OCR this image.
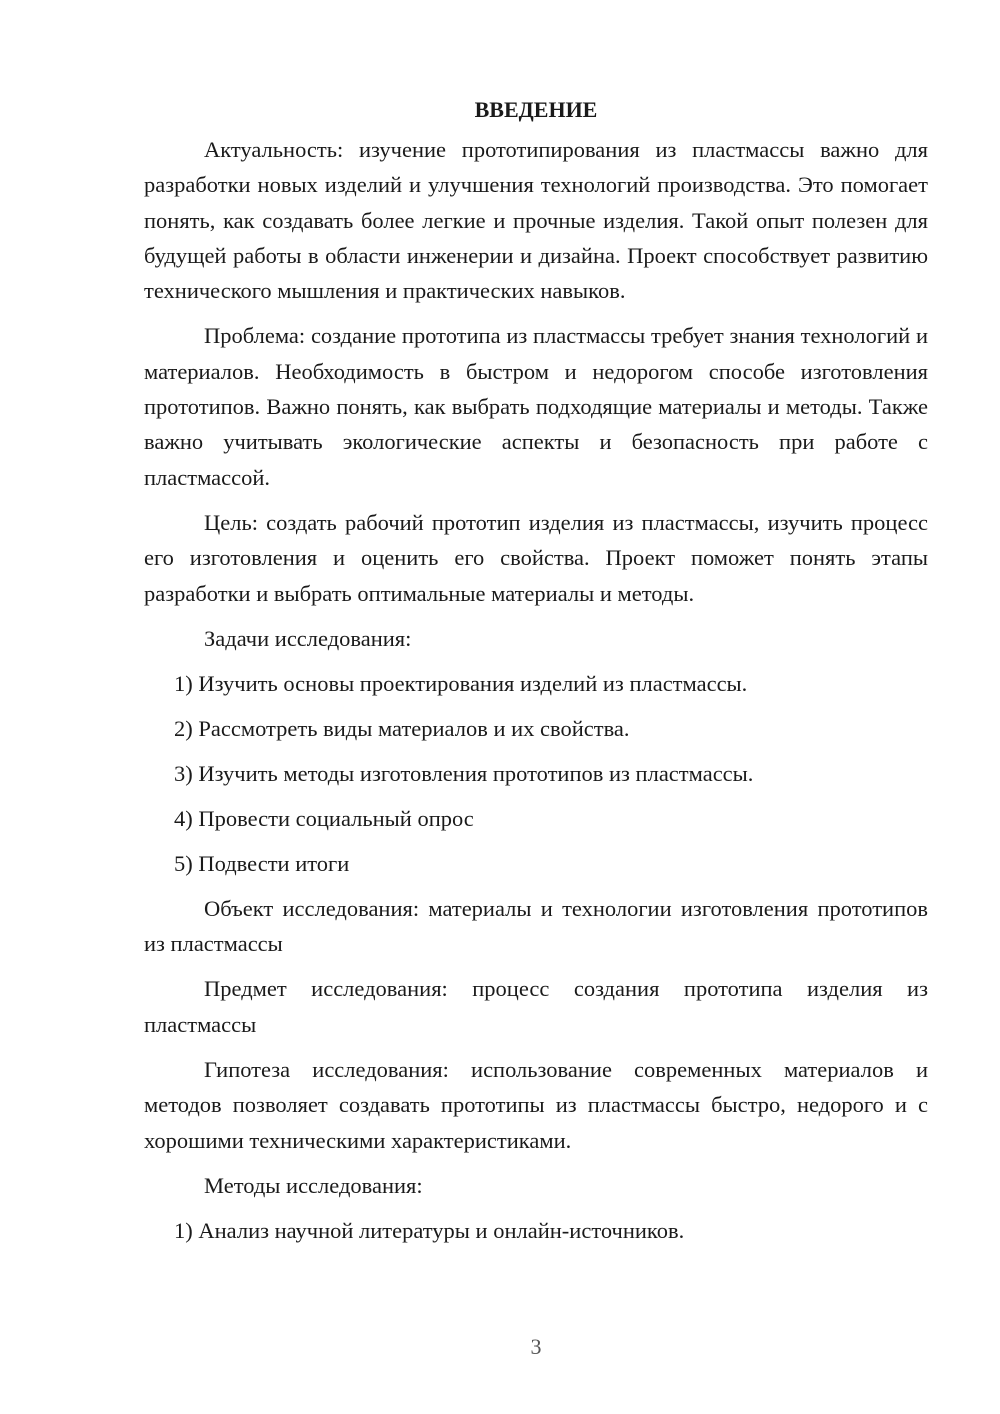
ВВЕДЕНИЕ

Актуальность: изучение прототипирования из пластмассы важно для разработки новых изделий и улучшения технологий производства. Это помогает понять, как создавать более легкие и прочные изделия. Такой опыт полезен для будущей работы в области инженерии и дизайна. Проект способствует развитию технического мышления и практических навыков.

Проблема: создание прототипа из пластмассы требует знания технологий и материалов. Необходимость в быстром и недорогом способе изготовления прототипов. Важно понять, как выбрать подходящие материалы и методы. Также важно учитывать экологические аспекты и безопасность при работе с пластмассой.

Цель: создать рабочий прототип изделия из пластмассы, изучить процесс его изготовления и оценить его свойства. Проект поможет понять этапы разработки и выбрать оптимальные материалы и методы.

Задачи исследования:
1) Изучить основы проектирования изделий из пластмассы.
2) Рассмотреть виды материалов и их свойства.
3) Изучить методы изготовления прототипов из пластмассы.
4) Провести социальный опрос
5) Подвести итоги

Объект исследования: материалы и технологии изготовления прототипов из пластмассы

Предмет исследования: процесс создания прототипа изделия из пластмассы

Гипотеза исследования: использование современных материалов и методов позволяет создавать прототипы из пластмассы быстро, недорого и с хорошими техническими характеристиками.

Методы исследования:
1) Анализ научной литературы и онлайн-источников.
3
